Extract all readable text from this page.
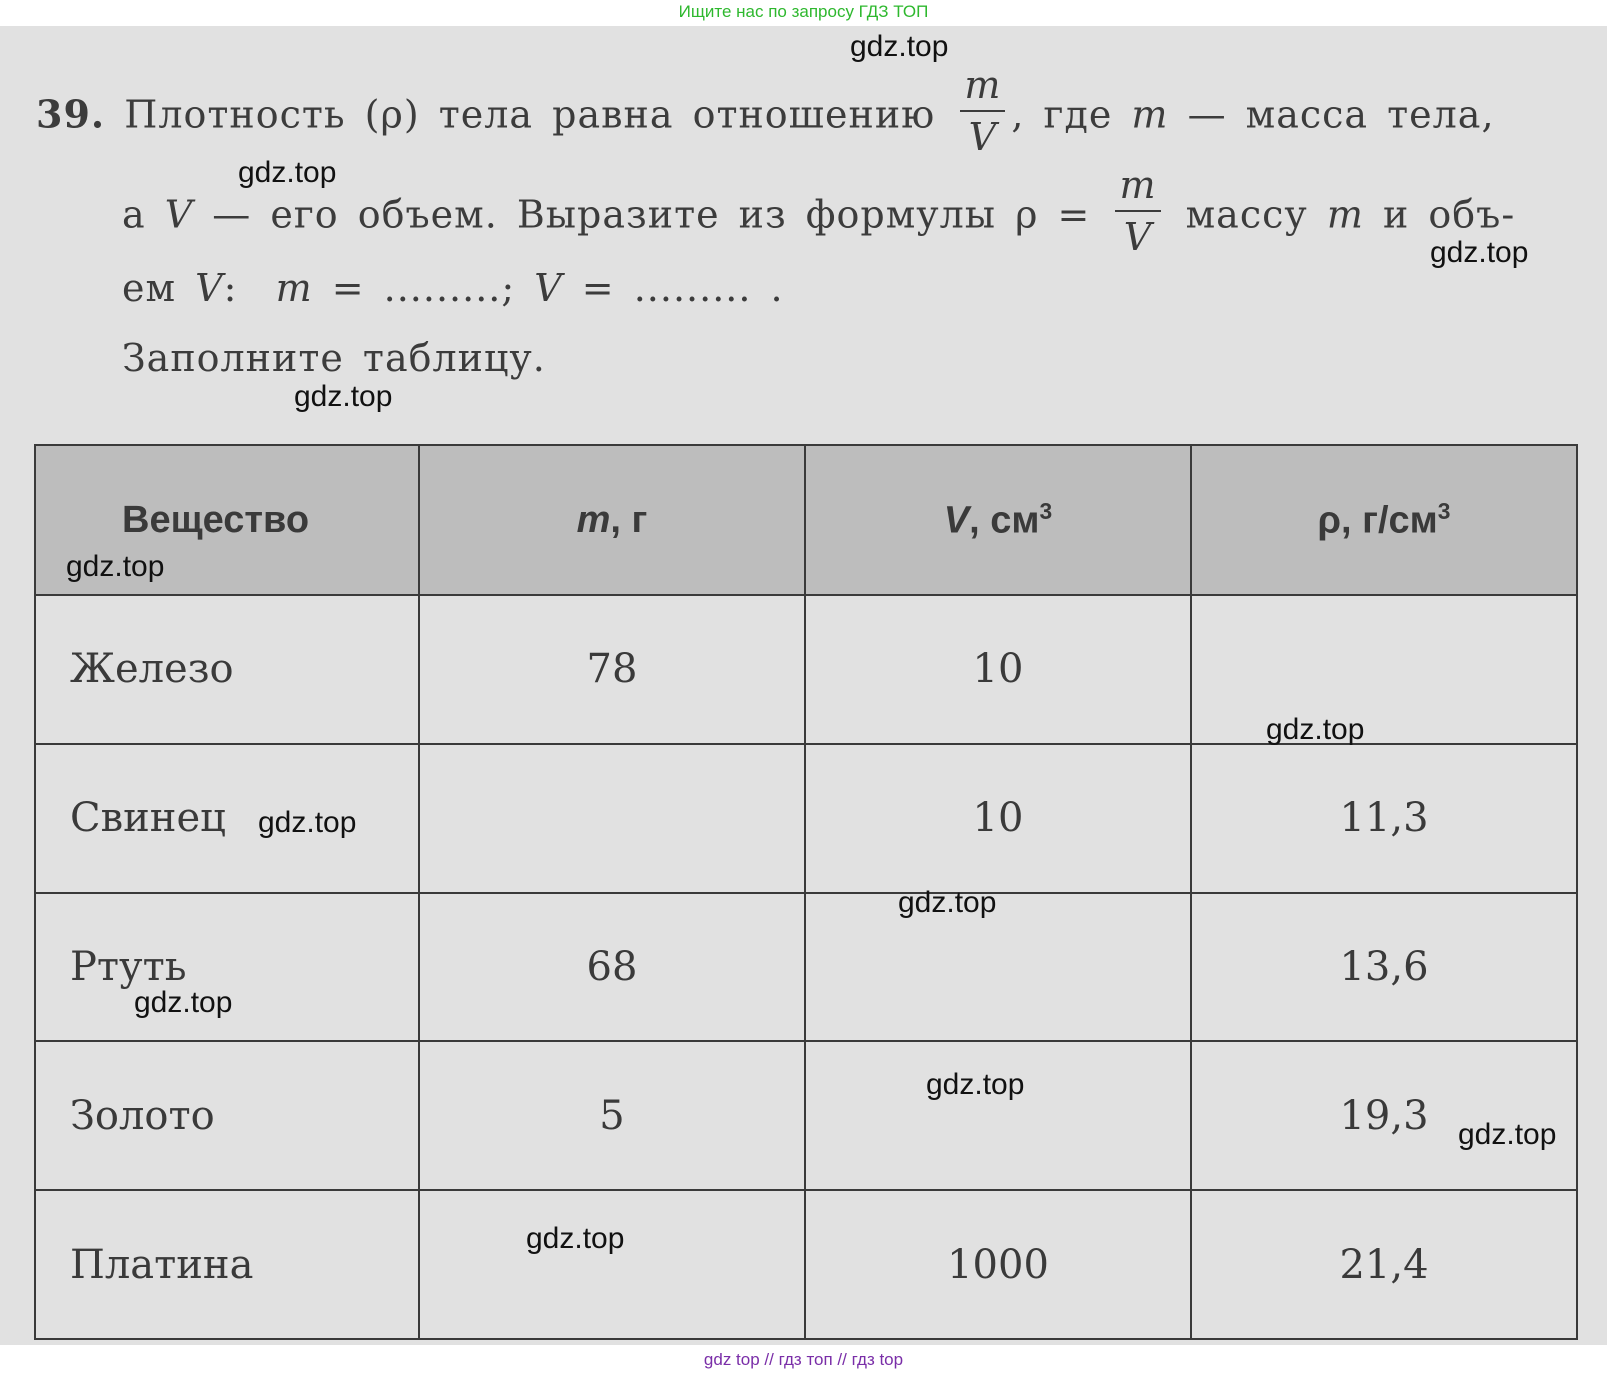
Ищите нас по запросу ГДЗ ТОП
39. Плотность (ρ) тела равна отношению $\frac{m}{V}$ , где m — масса тела,
а V — его объем. Выразите из формулы $\rho = \frac{m}{V}$ массу m и объ-
ем V: m = .........; V = ......... .
Заполните таблицу.
Вещество	m, г	V, $см^3$	ρ, $г/см^3$
Железо	78	10	
Свинец		10	11,3
Ртуть	68		13,6
Золото	5		19,3
Платина		1000	21,4
gdz.top
gdz.top
gdz.top
gdz.top
gdz.top
gdz.top
gdz.top
gdz.top
gdz.top
gdz.top
gdz.top
gdz.top
gdz top // гдз топ // гдз top
